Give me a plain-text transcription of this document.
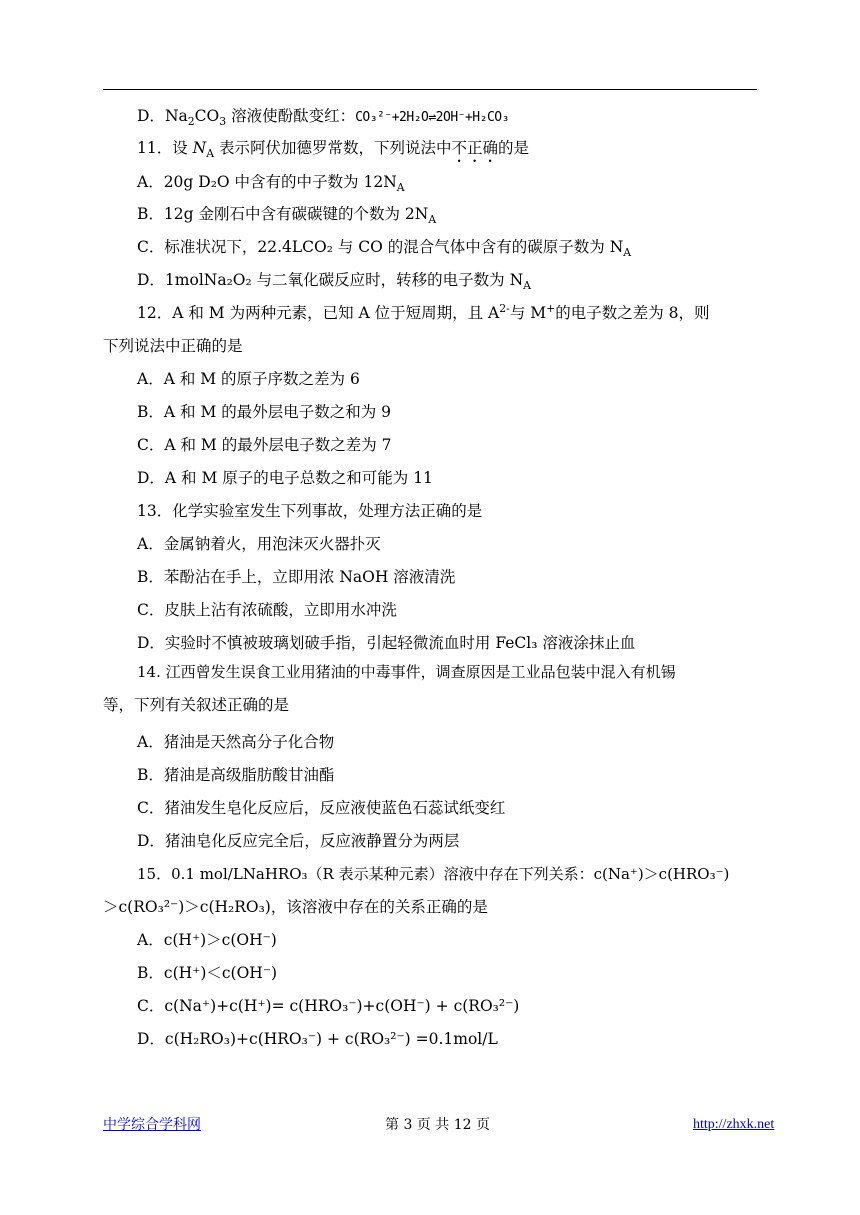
D．$Na_2CO_3$ 溶液使酚酞变红：CO₃²⁻+2H₂O⇌2OH⁻+H₂CO₃
11．设 $N_A$ 表示阿伏加德罗常数，下列说法中不正确的是
A．20g D₂O 中含有的中子数为 $12N_A$
B．12g 金刚石中含有碳碳键的个数为 $2N_A$
C．标准状况下，22.4LCO₂ 与 CO 的混合气体中含有的碳原子数为 $N_A$
D．1molNa₂O₂ 与二氧化碳反应时，转移的电子数为 $N_A$
12．A 和 M 为两种元素，已知 A 位于短周期，且 $A^{2-}$与 M+的电子数之差为 8，则
下列说法中正确的是
A．A 和 M 的原子序数之差为 6
B．A 和 M 的最外层电子数之和为 9
C．A 和 M 的最外层电子数之差为 7
D．A 和 M 原子的电子总数之和可能为 11
13．化学实验室发生下列事故，处理方法正确的是
A．金属钠着火，用泡沫灭火器扑灭
B．苯酚沾在手上，立即用浓 NaOH 溶液清洗
C．皮肤上沾有浓硫酸，立即用水冲洗
D．实验时不慎被玻璃划破手指，引起轻微流血时用 FeCl₃ 溶液涂抹止血
14. 江西曾发生误食工业用猪油的中毒事件，调查原因是工业品包装中混入有机锡
等，下列有关叙述正确的是
A．猪油是天然高分子化合物
B．猪油是高级脂肪酸甘油酯
C．猪油发生皂化反应后，反应液使蓝色石蕊试纸变红
D．猪油皂化反应完全后，反应液静置分为两层
15．0.1 mol/LNaHRO₃（R 表示某种元素）溶液中存在下列关系：c(Na⁺)＞c(HRO₃⁻)
＞c(RO₃²⁻)＞c(H₂RO₃)，该溶液中存在的关系正确的是
A．c(H⁺)＞c(OH⁻)
B．c(H⁺)＜c(OH⁻)
C．c(Na⁺)+c(H⁺)= c(HRO₃⁻)+c(OH⁻) + c(RO₃²⁻)
D．c(H₂RO₃)+c(HRO₃⁻) + c(RO₃²⁻) =0.1mol/L
中学综合学科网	第 3 页 共 12 页	http://zhxk.net
